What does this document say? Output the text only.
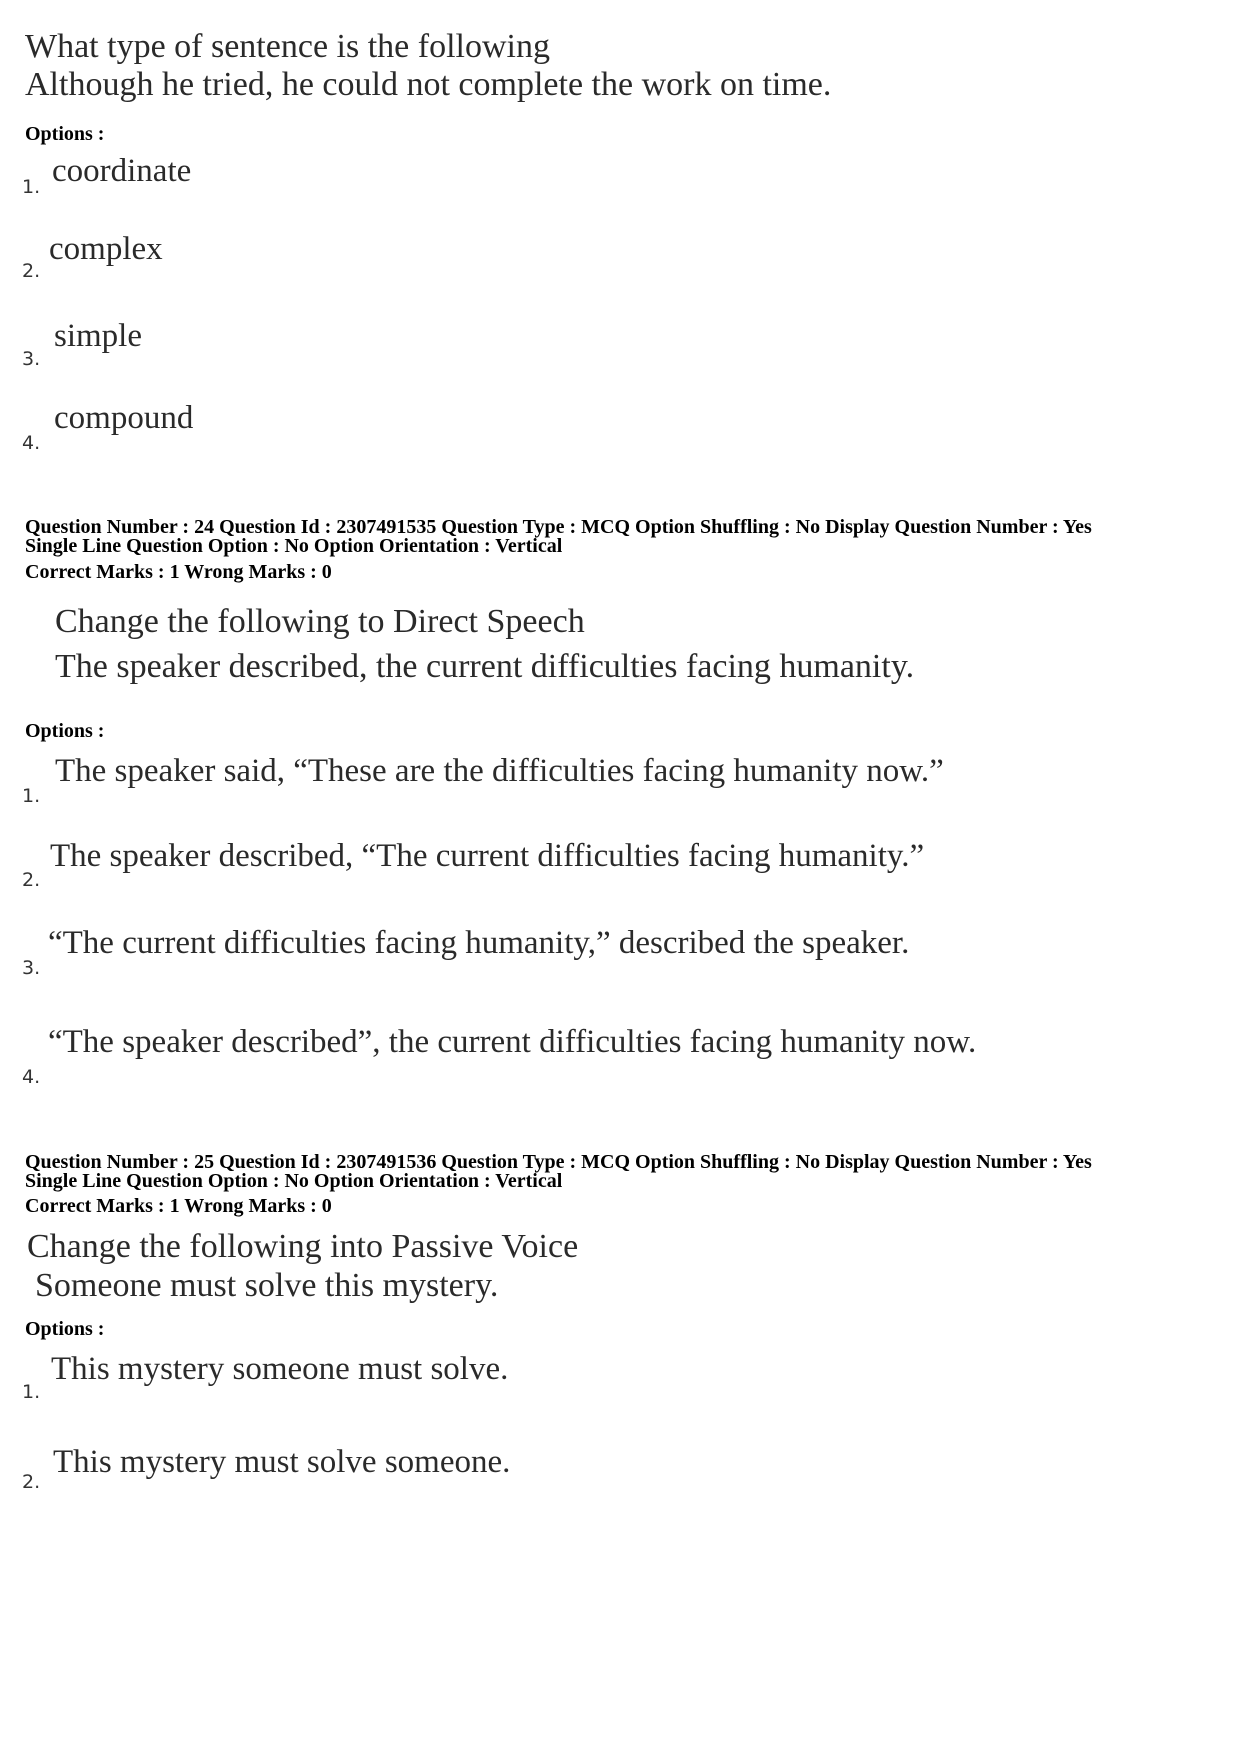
What type of sentence is the following
Although he tried, he could not complete the work on time.
Options :
1. coordinate
2.
complex
3.
simple
4.
compound
Question Number : 24 Question Id : 2307491535 Question Type : MCQ Option Shuffling : No Display Question Number : Yes
Single Line Question Option : No Option Orientation : Vertical
Correct Marks : 1 Wrong Marks : 0
Change the following to Direct Speech
The speaker described, the current difficulties facing humanity.
Options :
1.
The speaker said, “These are the difficulties facing humanity now.”
2.
The speaker described, “The current difficulties facing humanity.”
3.
“The current difficulties facing humanity,” described the speaker.
4.
“The speaker described”, the current difficulties facing humanity now.
Question Number : 25 Question Id : 2307491536 Question Type : MCQ Option Shuffling : No Display Question Number : Yes
Single Line Question Option : No Option Orientation : Vertical
Correct Marks : 1 Wrong Marks : 0
Change the following into Passive Voice
Someone must solve this mystery.
Options :
1.
This mystery someone must solve.
2.
This mystery must solve someone.
